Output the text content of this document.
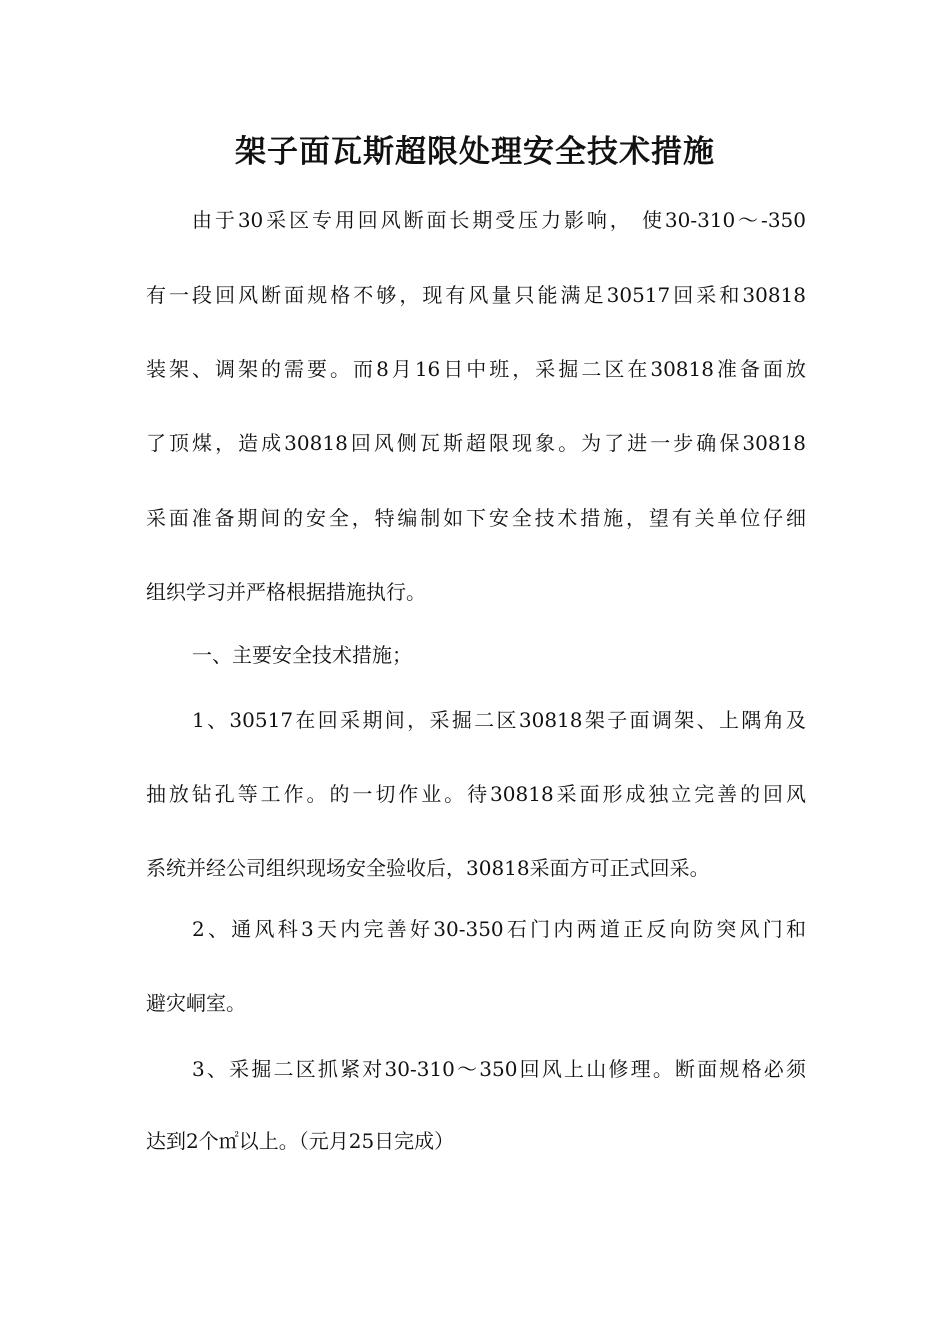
架子面瓦斯超限处理安全技术措施

由于30采区专用回风断面长期受压力影响， 使30-310～-350

有一段回风断面规格不够，现有风量只能满足30517回采和30818

装架、调架的需要。而8月16日中班，采掘二区在30818准备面放

了顶煤，造成30818回风侧瓦斯超限现象。为了进一步确保30818

采面准备期间的安全，特编制如下安全技术措施，望有关单位仔细

组织学习并严格根据措施执行。

一、主要安全技术措施；

1、30517在回采期间，采掘二区30818架子面调架、上隅角及

抽放钻孔等工作。的一切作业。待30818采面形成独立完善的回风

系统并经公司组织现场安全验收后，30818采面方可正式回采。

2、通风科3天内完善好30-350石门内两道正反向防突风门和

避灾峒室。

3、采掘二区抓紧对30-310～350回风上山修理。断面规格必须

达到2个㎡以上。（元月25日完成）
